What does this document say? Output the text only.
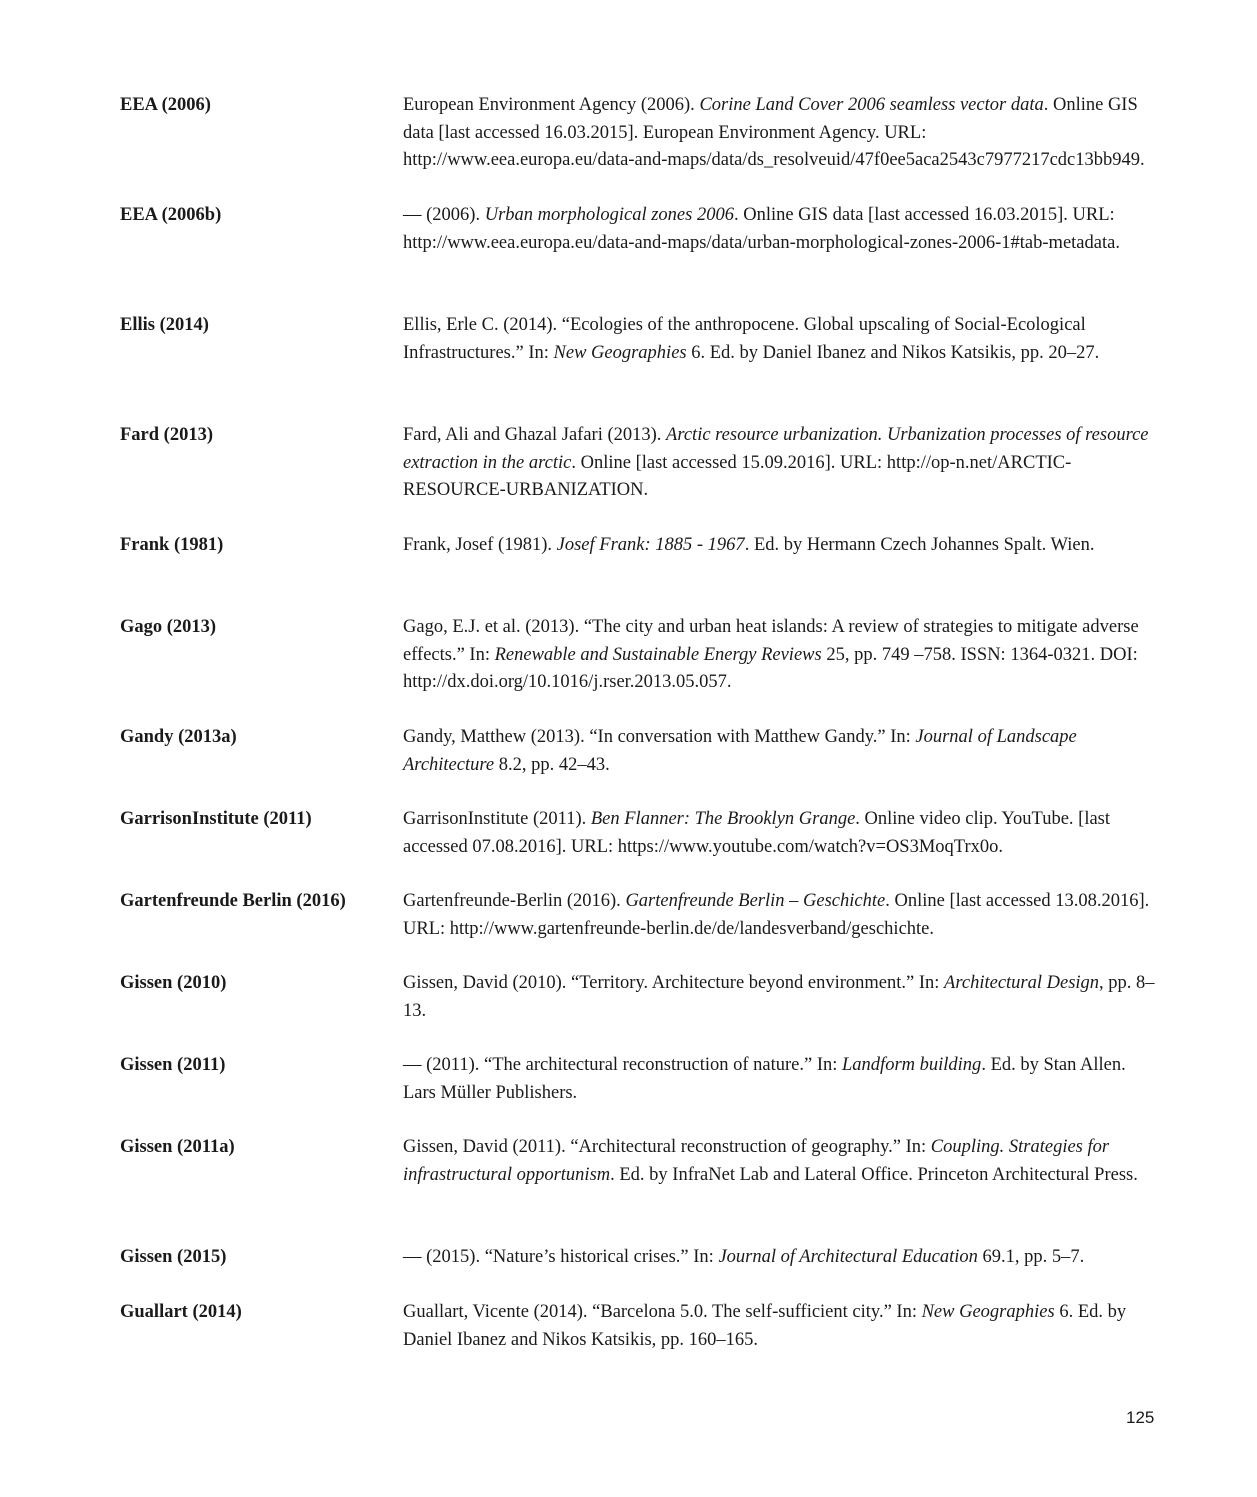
EEA (2006)	European Environment Agency (2006). Corine Land Cover 2006 seamless vector data. Online GIS data [last accessed 16.03.2015]. European Environment Agency. URL: http://www.eea.europa.eu/data-and-maps/data/ds_resolveuid/47f0ee5aca2543c7977217cdc13bb949.
EEA (2006b)	— (2006). Urban morphological zones 2006. Online GIS data [last accessed 16.03.2015]. URL: http://www.eea.europa.eu/data-and-maps/data/urban-morphological-zones-2006-1#tab-metadata.
Ellis (2014)	Ellis, Erle C. (2014). “Ecologies of the anthropocene. Global upscaling of Social-Ecological Infrastructures.” In: New Geographies 6. Ed. by Daniel Ibanez and Nikos Katsikis, pp. 20–27.
Fard (2013)	Fard, Ali and Ghazal Jafari (2013). Arctic resource urbanization. Urbanization processes of resource extraction in the arctic. Online [last accessed 15.09.2016]. URL: http://op-n.net/ARCTIC-RESOURCE-URBANIZATION.
Frank (1981)	Frank, Josef (1981). Josef Frank: 1885 - 1967. Ed. by Hermann Czech Johannes Spalt. Wien.
Gago (2013)	Gago, E.J. et al. (2013). “The city and urban heat islands: A review of strategies to mitigate adverse effects.” In: Renewable and Sustainable Energy Reviews 25, pp. 749 –758. ISSN: 1364-0321. DOI: http://dx.doi.org/10.1016/j.rser.2013.05.057.
Gandy (2013a)	Gandy, Matthew (2013). “In conversation with Matthew Gandy.” In: Journal of Landscape Architecture 8.2, pp. 42–43.
GarrisonInstitute (2011)	GarrisonInstitute (2011). Ben Flanner: The Brooklyn Grange. Online video clip. YouTube. [last accessed 07.08.2016]. URL: https://www.youtube.com/watch?v=OS3MoqTrx0o.
Gartenfreunde Berlin (2016)	Gartenfreunde-Berlin (2016). Gartenfreunde Berlin – Geschichte. Online [last accessed 13.08.2016]. URL: http://www.gartenfreunde-berlin.de/de/landesverband/geschichte.
Gissen (2010)	Gissen, David (2010). “Territory. Architecture beyond environment.” In: Architectural Design, pp. 8–13.
Gissen (2011)	— (2011). “The architectural reconstruction of nature.” In: Landform building. Ed. by Stan Allen. Lars Müller Publishers.
Gissen (2011a)	Gissen, David (2011). “Architectural reconstruction of geography.” In: Coupling. Strategies for infrastructural opportunism. Ed. by InfraNet Lab and Lateral Office. Princeton Architectural Press.
Gissen (2015)	— (2015). “Nature’s historical crises.” In: Journal of Architectural Education 69.1, pp. 5–7.
Guallart (2014)	Guallart, Vicente (2014). “Barcelona 5.0. The self-sufficient city.” In: New Geographies 6. Ed. by Daniel Ibanez and Nikos Katsikis, pp. 160–165.
125
